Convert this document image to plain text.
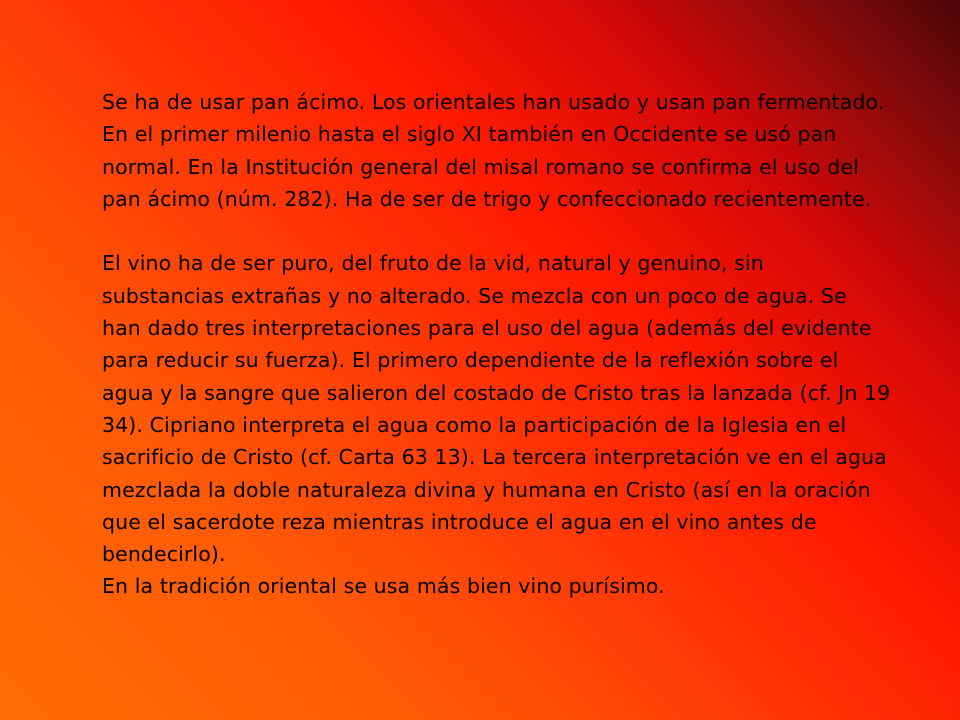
Se ha de usar pan ácimo. Los orientales han usado y usan pan fermentado. En el primer milenio hasta el siglo XI también en Occidente se usó pan normal. En la Institución general del misal romano se confirma el uso del pan ácimo (núm. 282). Ha de ser de trigo y confeccionado recientemente.

El vino ha de ser puro, del fruto de la vid, natural y genuino, sin substancias extrañas y no alterado. Se mezcla con un poco de agua. Se han dado tres interpretaciones para el uso del agua (además del evidente para reducir su fuerza). El primero dependiente de la reflexión sobre el agua y la sangre que salieron del costado de Cristo tras la lanzada (cf. Jn 19 34). Cipriano interpreta el agua como la participación de la Iglesia en el sacrificio de Cristo (cf. Carta 63 13). La tercera interpretación ve en el agua mezclada la doble naturaleza divina y humana en Cristo (así en la oración que el sacerdote reza mientras introduce el agua en el vino antes de bendecirlo).

En la tradición oriental se usa más bien vino purísimo.
